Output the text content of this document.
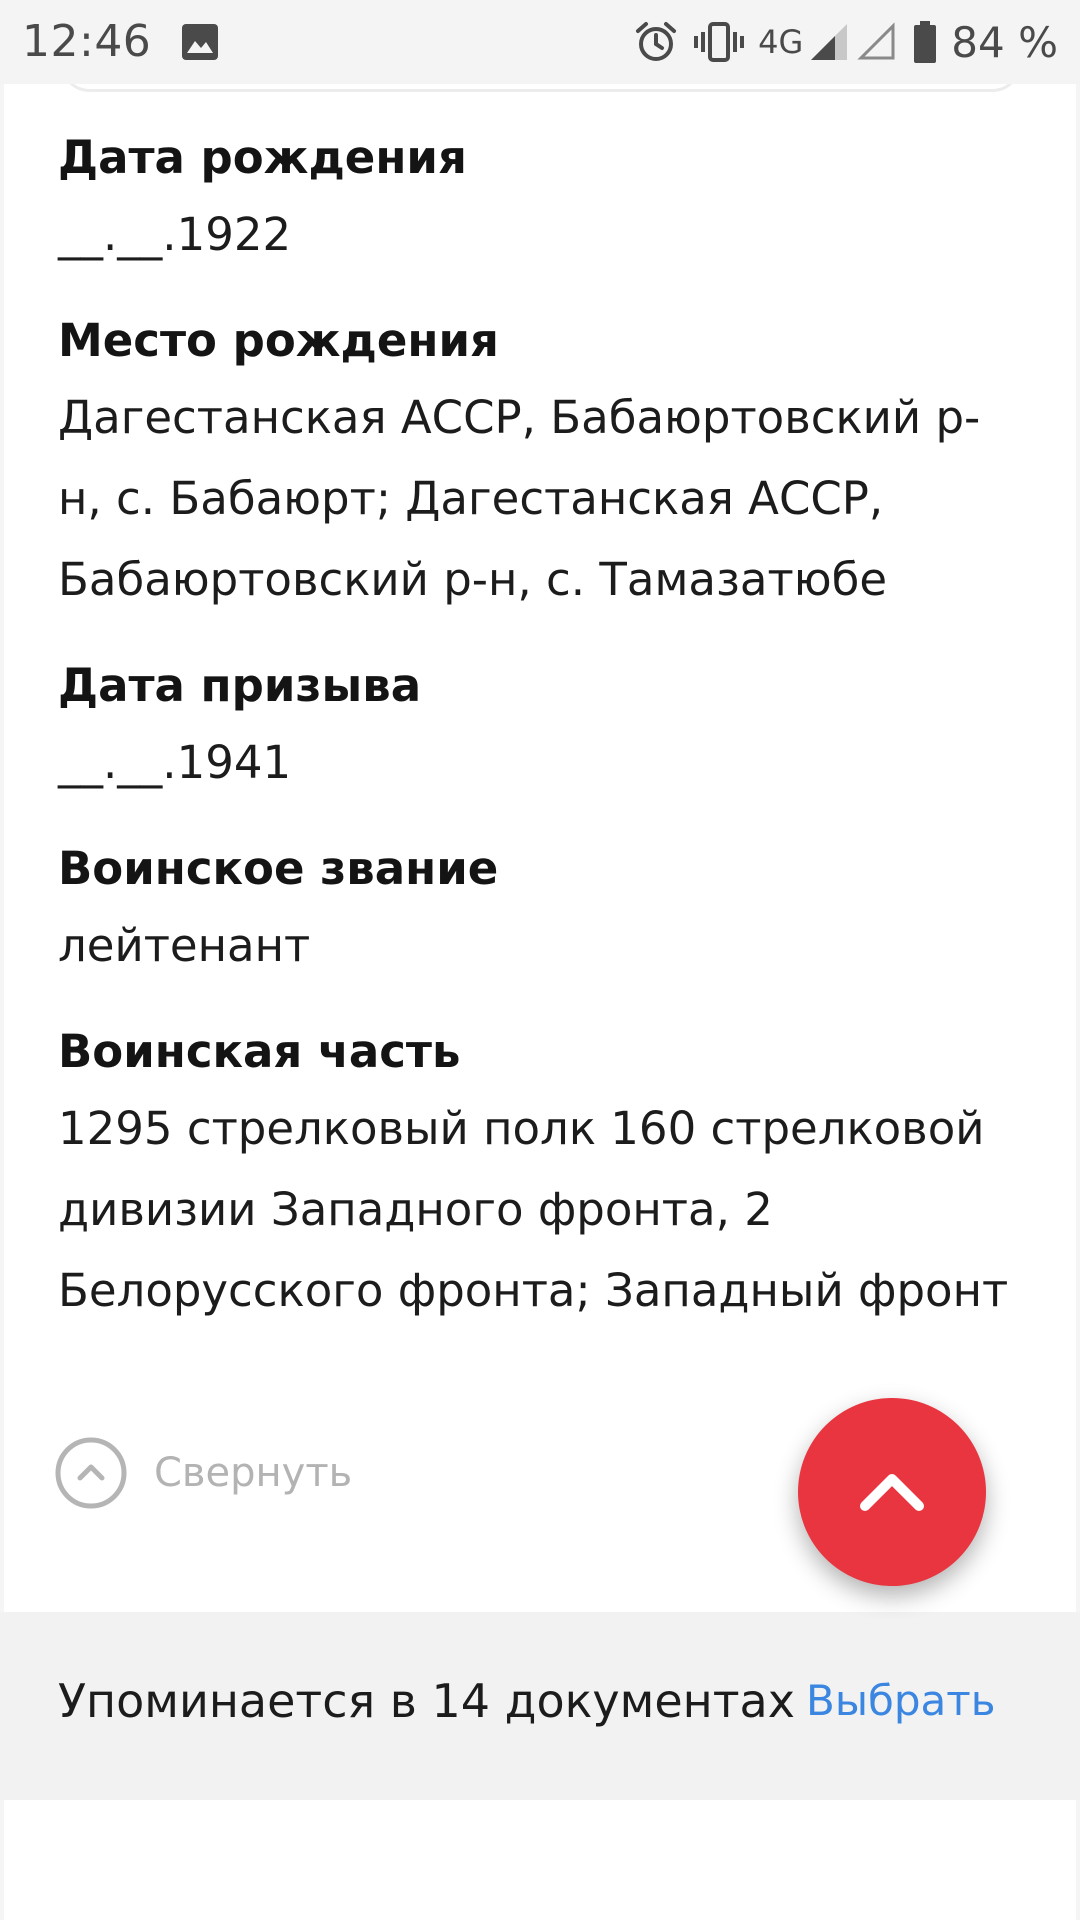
12:46	4G	84 %
Дата рождения
__.__.1922
Место рождения
Дагестанская АССР, Бабаюртовский р-н, с. Бабаюрт; Дагестанская АССР, Бабаюртовский р-н, с. Тамазатюбе
Дата призыва
__.__.1941
Воинское звание
лейтенант
Воинская часть
1295 стрелковый полк 160 стрелковой дивизии Западного фронта, 2 Белорусского фронта; Западный фронт
Свернуть
Упоминается в 14 документах Выбрать
